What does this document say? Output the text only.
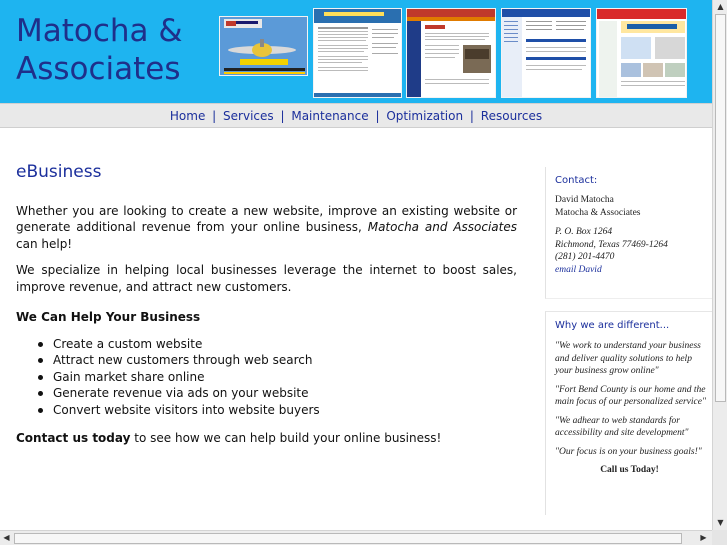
Matocha &
Associates
Home | Services | Maintenance | Optimization | Resources
eBusiness

Whether you are looking to create a new website, improve an existing website or generate additional revenue from your online business, Matocha and Associates can help!

We specialize in helping local businesses leverage the internet to boost sales, improve revenue, and attract new customers.

We Can Help Your Business
Create a custom website
Attract new customers through web search
Gain market share online
Generate revenue via ads on your website
Convert website visitors into website buyers

Contact us today to see how we can help build your online business!

Contact:
David Matocha
Matocha & Associates
P. O. Box 1264
Richmond, Texas 77469-1264
(281) 201-4470
email David
Why we are different...
"We work to understand your business and deliver quality solutions to help your business grow online"
"Fort Bend County is our home and the main focus of our personalized service"
"We adhear to web standards for accessibility and site development"
"Our focus is on your business goals!"
Call us Today!
▲
▼
◀	▶
